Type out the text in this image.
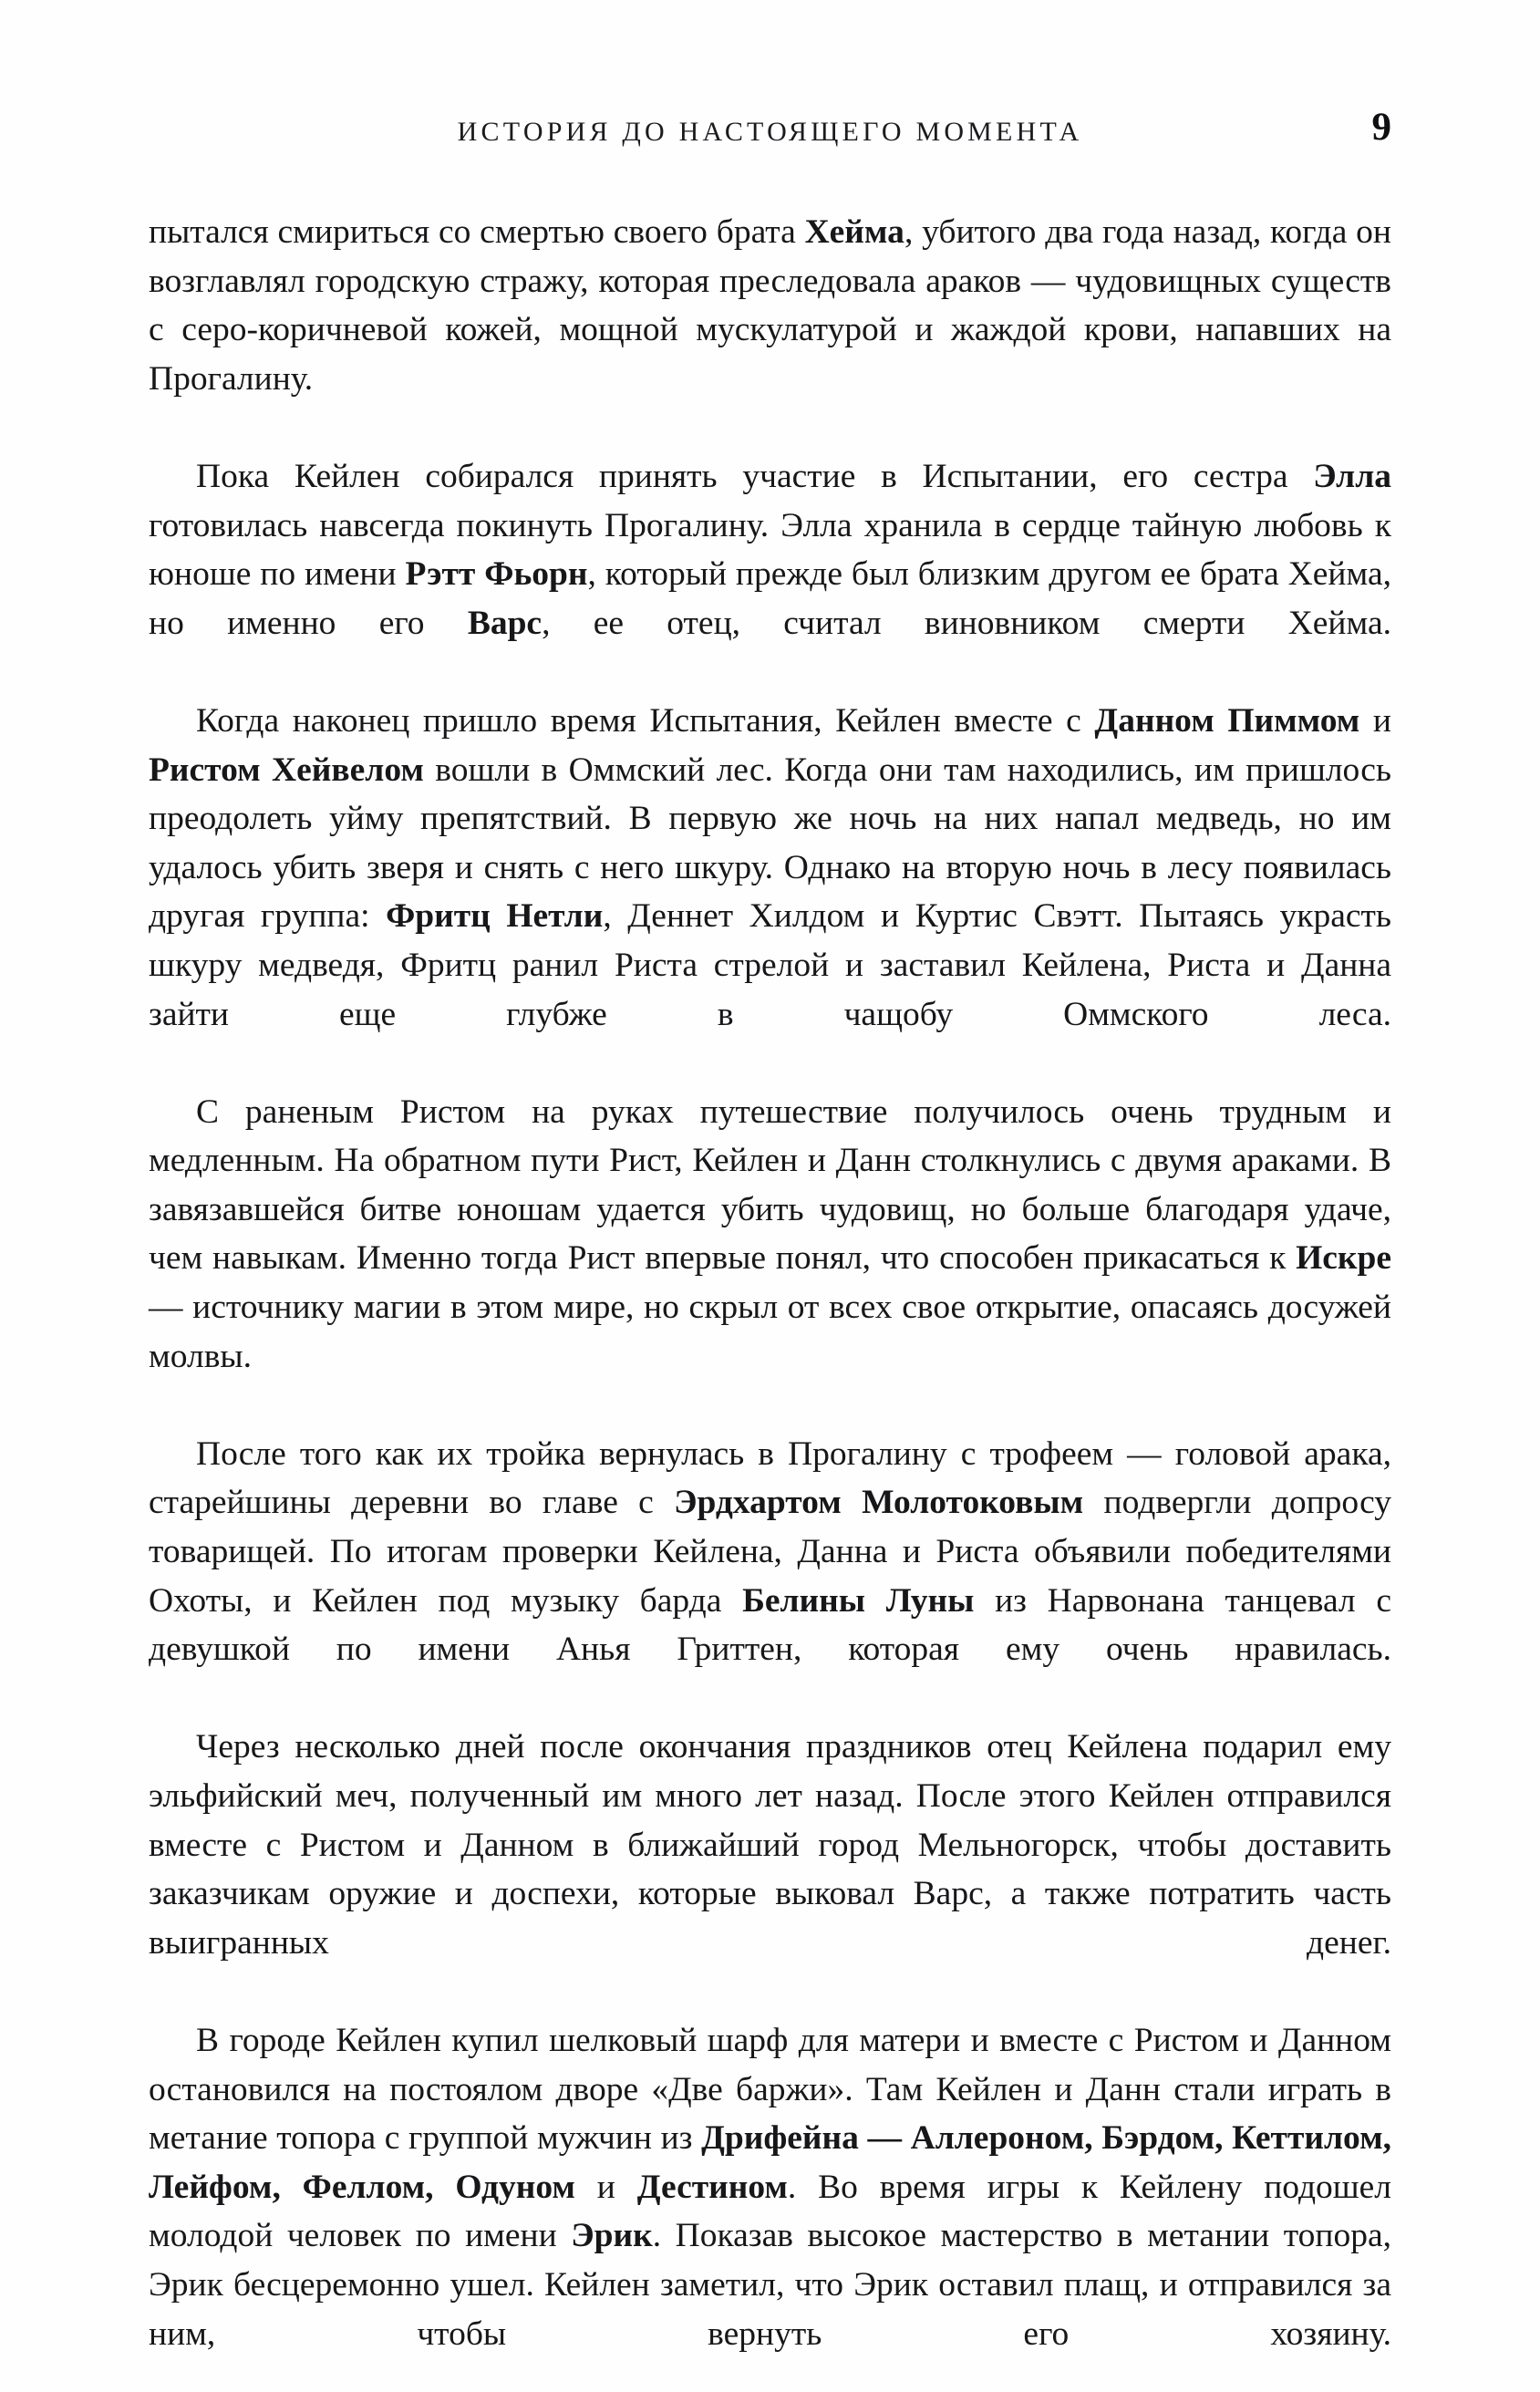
ИСТОРИЯ ДО НАСТОЯЩЕГО МОМЕНТА	9

пытался смириться со смертью своего брата Хейма, убитого два года назад, когда он возглавлял городскую стражу, которая преследовала араков — чудовищных существ с серо-коричневой кожей, мощной мускулатурой и жаждой крови, напавших на Прогалину.

Пока Кейлен собирался принять участие в Испытании, его сестра Элла готовилась навсегда покинуть Прогалину. Элла хранила в сердце тайную любовь к юноше по имени Рэтт Фьорн, который прежде был близким другом ее брата Хейма, но именно его Варс, ее отец, считал виновником смерти Хейма.

Когда наконец пришло время Испытания, Кейлен вместе с Данном Пиммом и Ристом Хейвелом вошли в Оммский лес. Когда они там находились, им пришлось преодолеть уйму препятствий. В первую же ночь на них напал медведь, но им удалось убить зверя и снять с него шкуру. Однако на вторую ночь в лесу появилась другая группа: Фритц Нетли, Деннет Хилдом и Куртис Свэтт. Пытаясь украсть шкуру медведя, Фритц ранил Риста стрелой и заставил Кейлена, Риста и Данна зайти еще глубже в чащобу Оммского леса.

С раненым Ристом на руках путешествие получилось очень трудным и медленным. На обратном пути Рист, Кейлен и Данн столкнулись с двумя араками. В завязавшейся битве юношам удается убить чудовищ, но больше благодаря удаче, чем навыкам. Именно тогда Рист впервые понял, что способен прикасаться к Искре — источнику магии в этом мире, но скрыл от всех свое открытие, опасаясь досужей молвы.

После того как их тройка вернулась в Прогалину с трофеем — головой арака, старейшины деревни во главе с Эрдхартом Молотоковым подвергли допросу товарищей. По итогам проверки Кейлена, Данна и Риста объявили победителями Охоты, и Кейлен под музыку барда Белины Луны из Нарвонана танцевал с девушкой по имени Анья Гриттен, которая ему очень нравилась.

Через несколько дней после окончания праздников отец Кейлена подарил ему эльфийский меч, полученный им много лет назад. После этого Кейлен отправился вместе с Ристом и Данном в ближайший город Мельногорск, чтобы доставить заказчикам оружие и доспехи, которые выковал Варс, а также потратить часть выигранных денег.

В городе Кейлен купил шелковый шарф для матери и вместе с Ристом и Данном остановился на постоялом дворе «Две баржи». Там Кейлен и Данн стали играть в метание топора с группой мужчин из Дрифейна — Аллероном, Бэрдом, Кеттилом, Лейфом, Феллом, Одуном и Дестином. Во время игры к Кейлену подошел молодой человек по имени Эрик. Показав высокое мастерство в метании топора, Эрик бесцеремонно ушел. Кейлен заметил, что Эрик оставил плащ, и отправился за ним, чтобы вернуть его хозяину.
